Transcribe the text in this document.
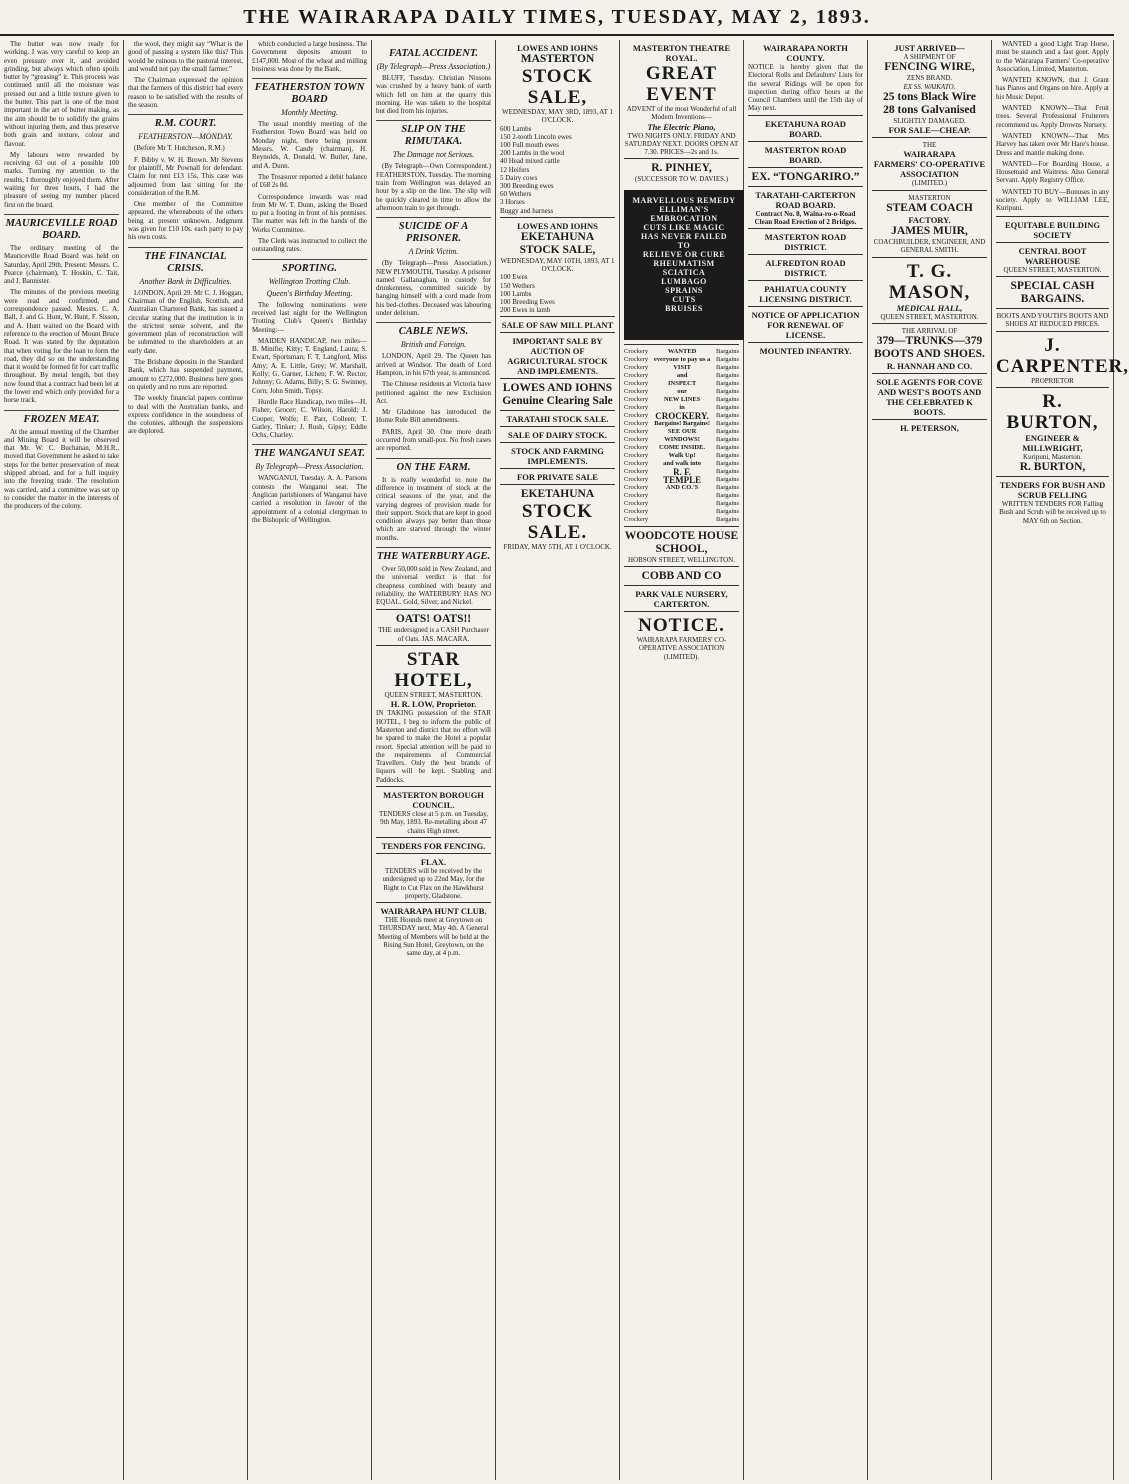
THE WAIRARAPA DAILY TIMES, TUESDAY, MAY 2, 1893.

The butter was now ready for working. I was very careful to keep an even pressure over it, and avoided grinding, but always which often spoils butter by “greasing” it. This process was continued until all the moisture was pressed out and a little texture given to the butter. This part is one of the most important in the art of butter making, as the aim should be to solidify the grains without injuring them, and thus preserve both grain and texture, colour and flavour.

My labours were rewarded by receiving 63 out of a possible 100 marks. Turning my attention to the results, I thoroughly enjoyed them. After waiting for three hours, I had the pleasure of seeing my number placed first on the board.

MAURICEVILLE ROAD BOARD.

The ordinary meeting of the Mauriceville Road Board was held on Saturday, April 29th. Present: Messrs. C. Pearce (chairman), T. Hoskin, C. Tait, and J. Bannister.

The minutes of the previous meeting were read and confirmed, and correspondence passed. Messrs. C. A. Ball, J. and G. Hunt, W. Hunt, F. Sisson, and A. Hunt waited on the Board with reference to the erection of Mount Bruce Road. It was stated by the deputation that when voting for the loan to form the road, they did so on the understanding that it would be formed fit for cart traffic throughout. By metal length, but they now found that a contract had been let at the lower end which only provided for a horse track.

FROZEN MEAT.

At the annual meeting of the Chamber and Mining Board it will be observed that Mr. W. C. Buchanan, M.H.R., moved that Government be asked to take steps for the better preservation of meat shipped abroad, and for a full inquiry into the freezing trade. The resolution was carried, and a committee was set up to consider the matter in the interests of the producers of the colony.

the wool, they might say “What is the good of passing a system like this? This would be ruinous to the pastoral interest, and would not pay the small farmer.”

The Chairman expressed the opinion that the farmers of this district had every reason to be satisfied with the results of the season.

R.M. COURT.
FEATHERSTON—MONDAY.

(Before Mr T. Hutcheson, R.M.)

F. Bibby v. W. H. Brown. Mr Stevens for plaintiff, Mr Pownall for defendant. Claim for rent £13 15s. This case was adjourned from last sitting for the consideration of the R.M.

One member of the Committee appeared, the whereabouts of the others being at present unknown. Judgment was given for £10 10s. each party to pay his own costs.

THE FINANCIAL CRISIS.
Another Bank in Difficulties.

LONDON, April 29. Mr C. J. Hoggan, Chairman of the English, Scottish, and Australian Chartered Bank, has issued a circular stating that the institution is in the strictest sense solvent, and the government plan of reconstruction will be submitted to the shareholders at an early date.

The Brisbane deposits in the Standard Bank, which has suspended payment, amount to £272,000. Business here goes on quietly and no runs are reported.

The weekly financial papers continue to deal with the Australian banks, and express confidence in the soundness of the colonies, although the suspensions are deplored.

which conducted a large business. The Government deposits amount to £147,000. Most of the wheat and milling business was done by the Bank.

FEATHERSTON TOWN BOARD
Monthly Meeting.

The usual monthly meeting of the Featherston Town Board was held on Monday night, there being present Messrs. W. Candy (chairman), H. Reynolds, A. Donald, W. Butler, Jane, and A. Dunn.

The Treasurer reported a debit balance of £68 2s 8d.

Correspondence inwards was read from Mr W. T. Dunn, asking the Board to put a footing in front of his premises. The matter was left in the hands of the Works Committee.

The Clerk was instructed to collect the outstanding rates.

SPORTING.
Wellington Trotting Club.
Queen's Birthday Meeting.

The following nominations were received last night for the Wellington Trotting Club's Queen's Birthday Meeting:—

MAIDEN HANDICAP, two miles—B. Minifie, Kitty; T. England, Laura; S. Ewart, Sportsman; F. T. Langford, Miss Amy; A. E. Little, Grey; W. Marshall, Kolly; G. Garner, Lichen; F. W. Rector, Johnny; G. Adams, Billy; S. G. Swinney, Corn; John Smith, Topsy.

Hurdle Race Handicap, two miles—H. Fisher, Grocer; C. Wilson, Harold; J. Cooper, Wolfe; F. Parr, Colleen; T. Gatley, Tinker; J. Rush, Gipsy; Eddie Ochs, Charley.

THE WANGANUI SEAT.
By Telegraph—Press Association.

WANGANUI, Tuesday. A. A. Parsons contests the Wanganui seat. The Anglican parishioners of Wanganui have carried a resolution in favour of the appointment of a colonial clergyman to the Bishopric of Wellington.

FATAL ACCIDENT.
(By Telegraph—Press Association.)

BLUFF, Tuesday. Christian Nissons was crushed by a heavy bank of earth which fell on him at the quarry this morning. He was taken to the hospital but died from his injuries.

SLIP ON THE RIMUTAKA.
The Damage not Serious.

(By Telegraph—Own Correspondent.) FEATHERSTON, Tuesday. The morning train from Wellington was delayed an hour by a slip on the line. The slip will be quickly cleared in time to allow the afternoon train to get through.

SUICIDE OF A PRISONER.
A Drink Victim.

(By Telegraph—Press Association.) NEW PLYMOUTH, Tuesday. A prisoner named Gallanaghan, in custody for drunkenness, committed suicide by hanging himself with a cord made from his bed-clothes. Deceased was labouring under delirium.

CABLE NEWS.
British and Foreign.

LONDON, April 29. The Queen has arrived at Windsor. The death of Lord Hampton, in his 67th year, is announced.

The Chinese residents at Victoria have petitioned against the new Exclusion Act.

Mr Gladstone has introduced the Home Rule Bill amendments.

PARIS, April 30. One more death occurred from small-pox. No fresh cases are reported.

ON THE FARM.

It is really wonderful to note the difference in treatment of stock at the critical seasons of the year, and the varying degrees of provision made for their support. Stock that are kept in good condition always pay better than those which are starved through the winter months.

THE WATERBURY AGE.

Over 50,000 sold in New Zealand, and the universal verdict is that for cheapness combined with beauty and reliability, the WATERBURY HAS NO EQUAL. Gold, Silver, and Nickel.

OATS! OATS!!
THE undersigned is a CASH Purchaser of Oats. JAS. MACARA.
STAR HOTEL,
QUEEN STREET, MASTERTON.
H. R. LOW, Proprietor.
IN TAKING possession of the STAR HOTEL, I beg to inform the public of Masterton and district that no effort will be spared to make the Hotel a popular resort. Special attention will be paid to the requirements of Commercial Travellers. Only the best brands of liquors will be kept. Stabling and Paddocks.
MASTERTON BOROUGH COUNCIL.
TENDERS close at 5 p.m. on Tuesday, 9th May, 1893. Re-metalling about 47 chains High street.
TENDERS FOR FENCING.
FLAX.
TENDERS will be received by the undersigned up to 22nd May, for the Right to Cut Flax on the Hawkhurst property, Gladstone.
WAIRARAPA HUNT CLUB.
THE Hounds meet at Greytown on THURSDAY next, May 4th. A General Meeting of Members will be held at the Rising Sun Hotel, Greytown, on the same day, at 4 p.m.
LOWES AND IOHNS
MASTERTON
STOCK SALE,
WEDNESDAY, MAY 3RD, 1893, AT 1 O'CLOCK.
600 Lambs
150 2-tooth Lincoln ewes
100 Full mouth ewes
200 Lambs in the wool
40 Head mixed cattle
12 Heifers
5 Dairy cows
300 Breeding ewes
60 Wethers
3 Horses
Buggy and harness
LOWES AND IOHNS
EKETAHUNA
STOCK SALE,
WEDNESDAY, MAY 10TH, 1893, AT 1 O'CLOCK.
100 Ewes
150 Wethers
100 Lambs
100 Breeding Ewes
200 Ewes in lamb
SALE OF SAW MILL PLANT
IMPORTANT SALE BY AUCTION OF AGRICULTURAL STOCK AND IMPLEMENTS.
LOWES AND IOHNS
Genuine Clearing Sale
TARATAHI STOCK SALE.
SALE OF DAIRY STOCK.
STOCK AND FARMING IMPLEMENTS.
FOR PRIVATE SALE
EKETAHUNA
STOCK SALE.
FRIDAY, MAY 5TH, AT 1 O'CLOCK.
MASTERTON THEATRE ROYAL.
GREAT EVENT
ADVENT of the most Wonderful of all Modern Inventions—
The Electric Piano,
TWO NIGHTS ONLY. FRIDAY AND SATURDAY NEXT. DOORS OPEN AT 7.30. PRICES—2s and 1s.
R. PINHEY,
(SUCCESSOR TO W. DAVIES.)
MARVELLOUS REMEDY
ELLIMAN'S
EMBROCATION
CUTS LIKE MAGIC
HAS NEVER FAILED
TO
RELIEVE OR CURE
RHEUMATISM
SCIATICA
LUMBAGO
SPRAINS
CUTS
BRUISES
Crockery
Crockery
Crockery
Crockery
Crockery
Crockery
Crockery
Crockery
Crockery
Crockery
Crockery
Crockery
Crockery
Crockery
Crockery
Crockery
Crockery
Crockery
Crockery
Crockery
Crockery
Crockery
WANTED
everyone to pay us a
VISIT
and
INSPECT
our
NEW LINES
in
CROCKERY.
Bargains! Bargains!
SEE OUR
WINDOWS!
COME INSIDE.
Walk Up!
and walk into
R. F. TEMPLE
AND CO.'S
Bargains
Bargains
Bargains
Bargains
Bargains
Bargains
Bargains
Bargains
Bargains
Bargains
Bargains
Bargains
Bargains
Bargains
Bargains
Bargains
Bargains
Bargains
Bargains
Bargains
Bargains
Bargains
WOODCOTE HOUSE
SCHOOL,
HOBSON STREET, WELLINGTON.
COBB AND CO
PARK VALE NURSERY, CARTERTON.
NOTICE.
WAIRARAPA FARMERS' CO-OPERATIVE ASSOCIATION (LIMITED).
WAIRARAPA NORTH COUNTY.
NOTICE is hereby given that the Electoral Rolls and Defaulters' Lists for the several Ridings will be open for inspection during office hours at the Council Chambers until the 15th day of May next.
EKETAHUNA ROAD BOARD.
MASTERTON ROAD BOARD.
EX. “TONGARIRO.”
TARATAHI-CARTERTON ROAD BOARD.
Contract No. 8, Waina-ro-o-Road Clean Road Erection of 2 Bridges.
MASTERTON ROAD DISTRICT.
ALFREDTON ROAD DISTRICT.
PAHIATUA COUNTY LICENSING DISTRICT.
NOTICE OF APPLICATION FOR RENEWAL OF LICENSE.
MOUNTED INFANTRY.
JUST ARRIVED—
A SHIPMENT OF
FENCING WIRE,
ZENS BRAND.
EX SS. WAIKATO.
25 tons Black Wire
28 tons Galvanised
SLIGHTLY DAMAGED.
FOR SALE—CHEAP.
THE
WAIRARAPA
FARMERS' CO-OPERATIVE
ASSOCIATION
(LIMITED.)
MASTERTON
STEAM COACH
FACTORY.
JAMES MUIR,
COACHBUILDER, ENGINEER, AND GENERAL SMITH.
T. G. MASON,
MEDICAL HALL,
QUEEN STREET, MASTERTON.
THE ARRIVAL OF
379—TRUNKS—379
BOOTS AND SHOES.
R. HANNAH AND CO.
SOLE AGENTS FOR COVE AND WEST'S BOOTS AND THE CELEBRATED K BOOTS.
H. PETERSON,

WANTED a good Light Trap Horse, must be staunch and a fast goer. Apply to the Wairarapa Farmers' Co-operative Association, Limited, Masterton.

WANTED KNOWN, that J. Grant has Pianos and Organs on hire. Apply at his Music Depot.

WANTED KNOWN—That Fruit trees. Several Professional Fruiterers recommend us. Apply Drowns Nursery.

WANTED KNOWN—That Mrs Harvey has taken over Mr Hare's house. Dress and mantle making done.

WANTED—For Boarding House, a Housemaid and Waitress. Also General Servant. Apply Registry Office.

WANTED TO BUY—Bonuses in any society. Apply to WILLIAM LEE, Kuripuni.

EQUITABLE BUILDING SOCIETY
CENTRAL BOOT WAREHOUSE
QUEEN STREET, MASTERTON.
SPECIAL CASH BARGAINS.
BOOTS AND YOUTH'S BOOTS AND SHOES AT REDUCED PRICES.
J. CARPENTER,
PROPRIETOR
R. BURTON,
ENGINEER & MILLWRIGHT,
Kuripuni, Masterton.
R. BURTON,
TENDERS FOR BUSH AND SCRUB FELLING
WRITTEN TENDERS FOR Falling Bush and Scrub will be received up to MAY 6th on Section.
